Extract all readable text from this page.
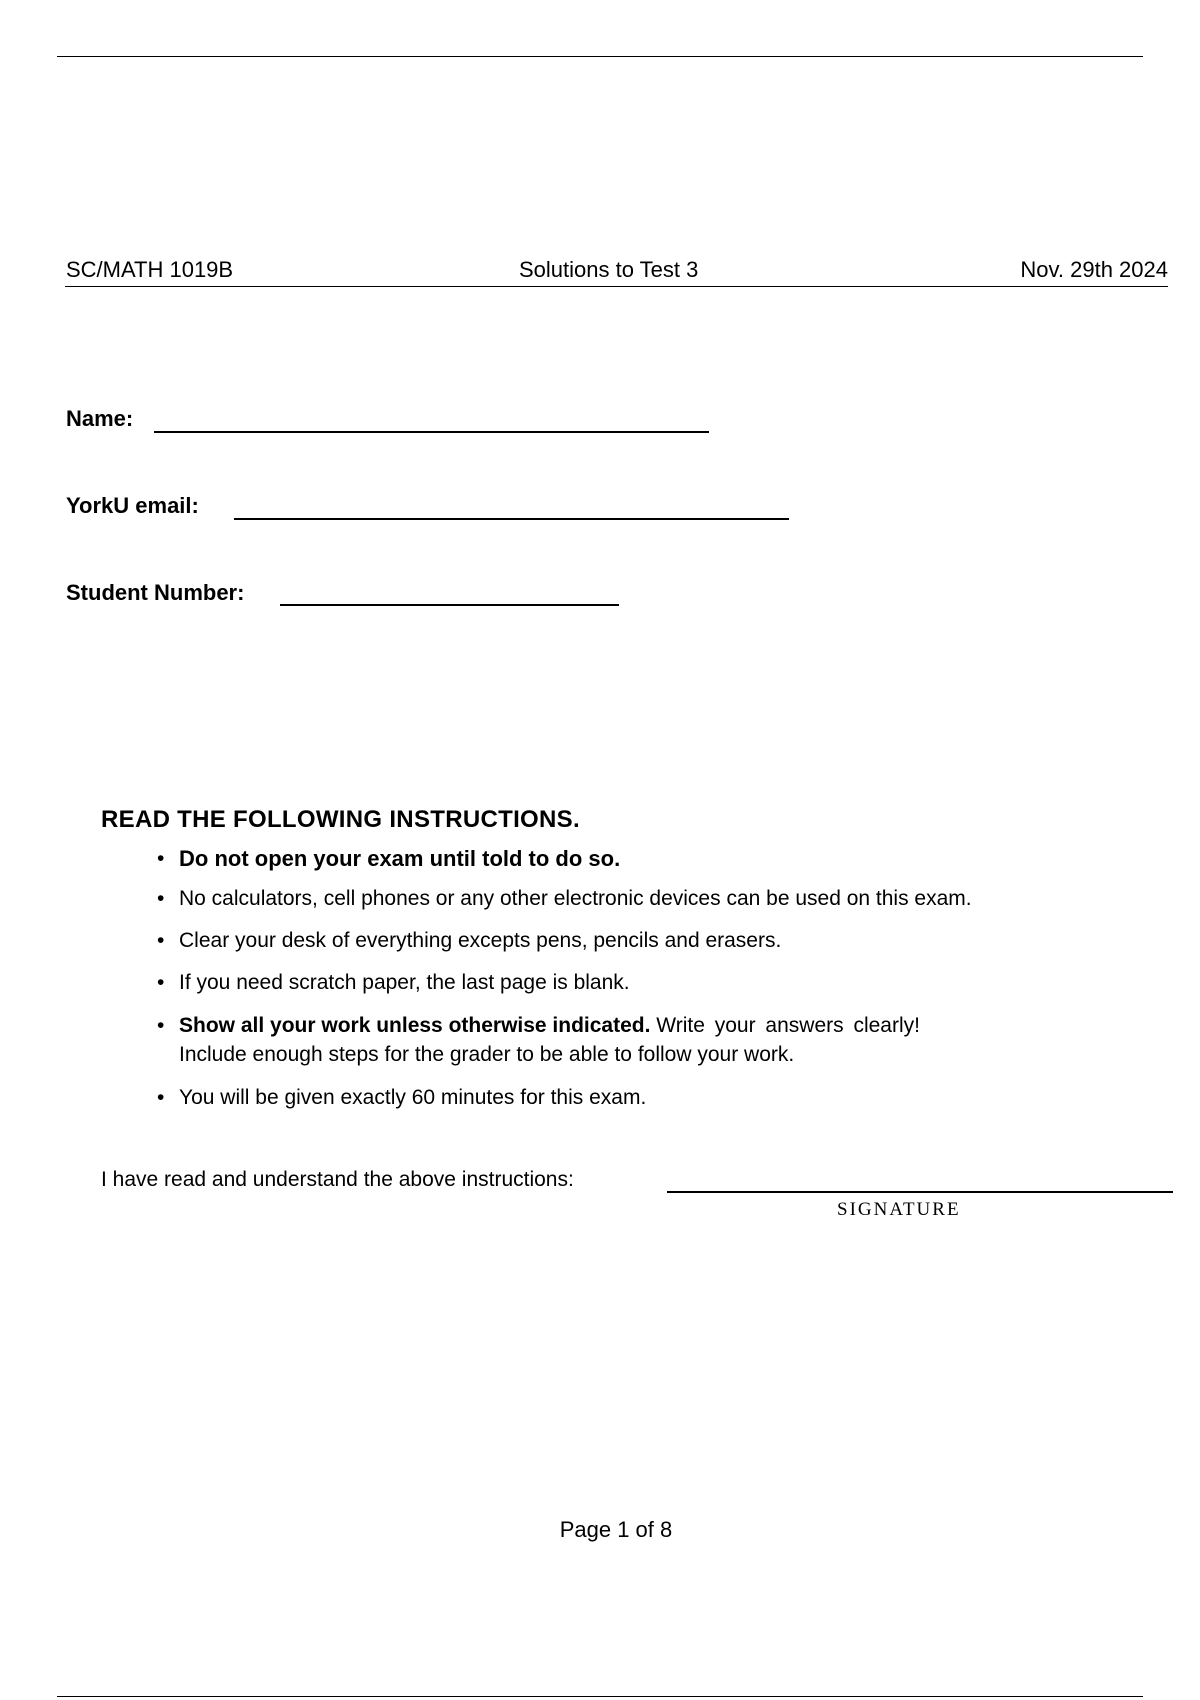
SC/MATH 1019B	Solutions to Test 3	Nov. 29th 2024
Name:
YorkU email:
Student Number:
READ THE FOLLOWING INSTRUCTIONS.
• Do not open your exam until told to do so.
• No calculators, cell phones or any other electronic devices can be used on this exam.
• Clear your desk of everything excepts pens, pencils and erasers.
• If you need scratch paper, the last page is blank.
• Show all your work unless otherwise indicated. Write your answers clearly!
Include enough steps for the grader to be able to follow your work.
• You will be given exactly 60 minutes for this exam.
I have read and understand the above instructions:
SIGNATURE
Page 1 of 8
